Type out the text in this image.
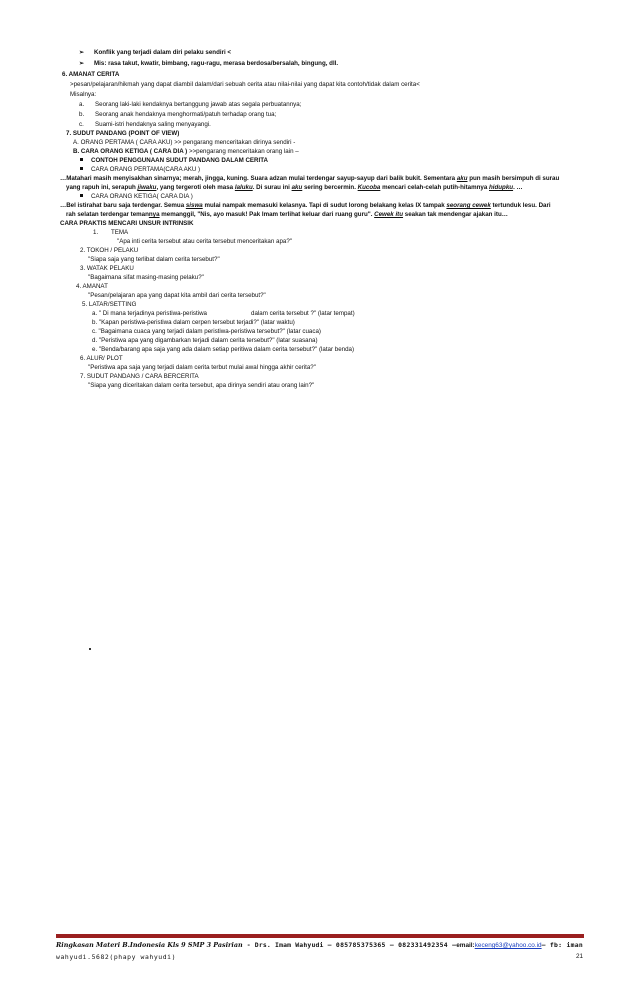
➢ Konflik yang terjadi dalam diri pelaku sendiri <
➢ Mis: rasa takut, kwatir, bimbang, ragu-ragu, merasa berdosa/bersalah, bingung, dll.
6. AMANAT CERITA
>pesan/pelajaran/hikmah yang dapat diambil dalam/dari sebuah cerita atau nilai-nilai yang dapat kita contoh/tidak dalam cerita<
Misalnya:
a. Seorang laki-laki kendaknya bertanggung jawab atas segala perbuatannya;
b. Seorang anak hendaknya menghormati/patuh terhadap orang tua;
c. Suami-istri hendaknya saling menyayangi.
7. SUDUT PANDANG (POINT OF VIEW)
A. ORANG PERTAMA ( CARA AKU) >> pengarang menceritakan dirinya sendiri -
B. CARA ORANG KETIGA ( CARA DIA ) >>pengarang menceritakan orang lain –
CONTOH PENGGUNAAN SUDUT PANDANG DALAM CERITA
CARA ORANG PERTAMA(CARA AKU )
…Matahari masih menyisakhan sinarnya; merah, jingga, kuning. Suara adzan mulai terdengar sayup-sayup dari balik bukit. Sementara aku pun masih bersimpuh di surau
yang rapuh ini, serapuh jiwaku, yang tergeroti oleh masa laluku. Di surau ini aku sering bercermin. Kucoba mencari celah-celah putih-hitamnya hidupku. …
CARA ORANG KETIGA( CARA DIA )
…Bel istirahat baru saja terdengar. Semua siswa mulai nampak memasuki kelasnya. Tapi di sudut lorong belakang kelas IX tampak seorang cewek tertunduk lesu. Dari
rah selatan terdengar temannya memanggil, "Nis, ayo masuk! Pak Imam terlihat keluar dari ruang guru". Cewek itu seakan tak mendengar ajakan itu…
CARA PRAKTIS MENCARI UNSUR INTRINSIK
1. TEMA
"Apa inti cerita tersebut atau cerita tersebut menceritakan apa?"
2. TOKOH / PELAKU
"Siapa saja yang terlibat dalam cerita tersebut?"
3. WATAK PELAKU
"Bagaimana sifat masing-masing pelaku?"
4. AMANAT
"Pesan/pelajaran apa yang dapat kita ambil dari cerita tersebut?"
5. LATAR/SETTING
a. " Di mana terjadinya peristiwa-peristiwa	dalam cerita tersebut ?" (latar tempat)
b. "Kapan peristiwa-peristiwa dalam cerpen tersebut terjadi?" (latar waktu)
c. "Bagaimana cuaca yang terjadi dalam peristiwa-peristiwa tersebut?" (latar cuaca)
d. "Peristiwa apa yang digambarkan terjadi dalam cerita tersebut?" (latar suasana)
e. "Benda/barang apa saja yang ada dalam setiap peritiwa dalam cerita tersebut?" (latar benda)
6. ALUR/ PLOT
"Peristiwa apa saja yang terjadi dalam cerita terbut mulai awal hingga akhir cerita?"
7. SUDUT PANDANG / CARA BERCERITA
"Siapa yang diceritakan dalam cerita tersebut, apa dirinya sendiri atau orang lain?"
Ringkasan Materi B.Indonesia Kls 9 SMP 3 Pasirian - Drs. Imam Wahyudi – 085785375365 – 082331492354 –email:keceng63@yahoo.co.id– fb: iman
wahyudi.5682(phapy wahyudi)	21
